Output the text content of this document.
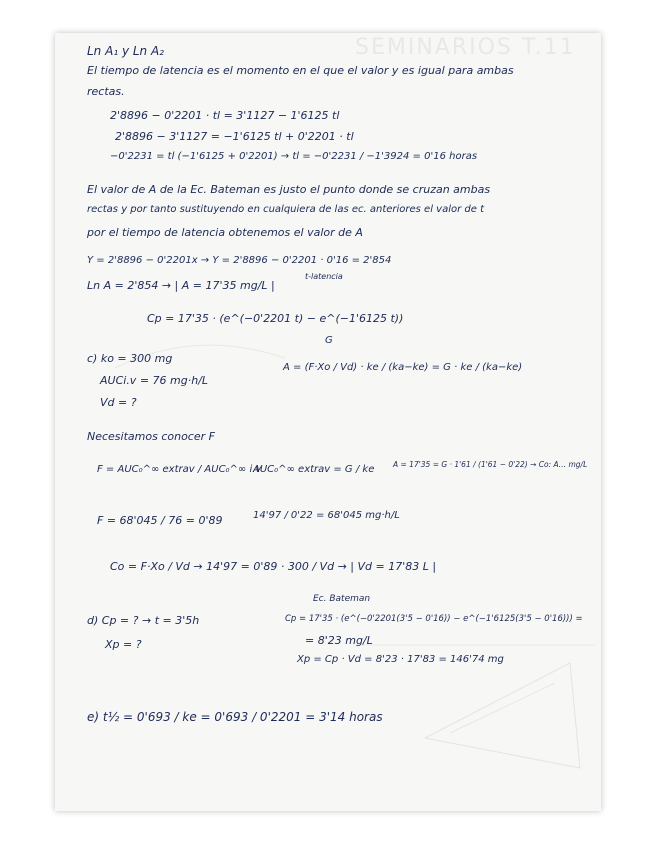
SEMINARIOS T.11
Ln A₁ y Ln A₂
El tiempo de latencia es el momento en el que el valor y es igual para ambas
rectas.
2'8896 − 0'2201 · tl = 3'1127 − 1'6125 tl
2'8896 − 3'1127 = −1'6125 tl + 0'2201 · tl
−0'2231 = tl (−1'6125 + 0'2201) → tl = −0'2231 / −1'3924 = 0'16 horas
El valor de A de la Ec. Bateman es justo el punto donde se cruzan ambas
rectas y por tanto sustituyendo en cualquiera de las ec. anteriores el valor de t
por el tiempo de latencia obtenemos el valor de A
Y = 2'8896 − 0'2201x → Y = 2'8896 − 0'2201 · 0'16 = 2'854
Ln A = 2'854 → | A = 17'35 mg/L |
t-latencia
Cp = 17'35 · (e^(−0'2201 t) − e^(−1'6125 t))
c) ko = 300 mg
AUCi.v = 76 mg·h/L
Vd = ?
G
A = (F·Xo / Vd) · ke / (ka−ke) = G · ke / (ka−ke)
Necesitamos conocer F
F = AUC₀^∞ extrav / AUC₀^∞ i.v
AUC₀^∞ extrav = G / ke A = 17'35 = G · 1'61 / (1'61 − 0'22) → Co: A… mg/L
F = 68'045 / 76 = 0'89	14'97 / 0'22 = 68'045 mg·h/L
Co = F·Xo / Vd → 14'97 = 0'89 · 300 / Vd → | Vd = 17'83 L |
Ec. Bateman
d) Cp = ? → t = 3'5h
Xp = ?
Cp = 17'35 · (e^(−0'2201(3'5 − 0'16)) − e^(−1'6125(3'5 − 0'16))) =
= 8'23 mg/L
Xp = Cp · Vd = 8'23 · 17'83 = 146'74 mg
e) t½ = 0'693 / ke = 0'693 / 0'2201 = 3'14 horas
